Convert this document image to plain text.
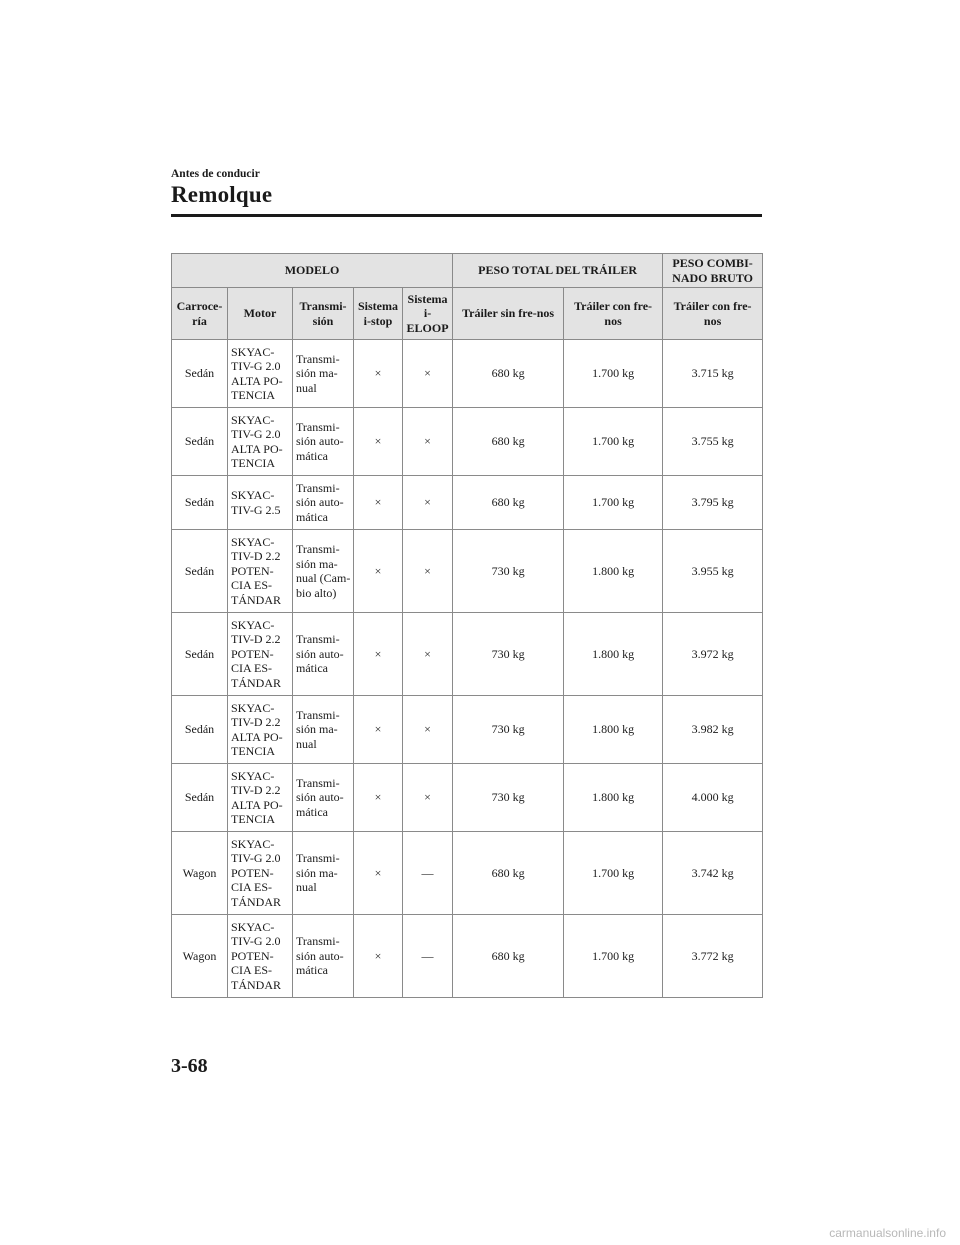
Antes de conducir
Remolque
MODELO					PESO TOTAL DEL TRÁILER		PESO COMBI-NADO BRUTO
Carroce-ría	Motor	Transmi-sión	Sistema i-stop	Sistema i-ELOOP	Tráiler sin fre-nos	Tráiler con fre-nos	Tráiler con fre-nos
Sedán	SKYAC-TIV-G 2.0 ALTA PO-TENCIA	Transmi-sión ma-nual	×	×	680 kg	1.700 kg	3.715 kg
Sedán	SKYAC-TIV-G 2.0 ALTA PO-TENCIA	Transmi-sión auto-mática	×	×	680 kg	1.700 kg	3.755 kg
Sedán	SKYAC-TIV-G 2.5	Transmi-sión auto-mática	×	×	680 kg	1.700 kg	3.795 kg
Sedán	SKYAC-TIV-D 2.2 POTEN-CIA ES-TÁNDAR	Transmi-sión ma-nual (Cam-bio alto)	×	×	730 kg	1.800 kg	3.955 kg
Sedán	SKYAC-TIV-D 2.2 POTEN-CIA ES-TÁNDAR	Transmi-sión auto-mática	×	×	730 kg	1.800 kg	3.972 kg
Sedán	SKYAC-TIV-D 2.2 ALTA PO-TENCIA	Transmi-sión ma-nual	×	×	730 kg	1.800 kg	3.982 kg
Sedán	SKYAC-TIV-D 2.2 ALTA PO-TENCIA	Transmi-sión auto-mática	×	×	730 kg	1.800 kg	4.000 kg
Wagon	SKYAC-TIV-G 2.0 POTEN-CIA ES-TÁNDAR	Transmi-sión ma-nual	×	—	680 kg	1.700 kg	3.742 kg
Wagon	SKYAC-TIV-G 2.0 POTEN-CIA ES-TÁNDAR	Transmi-sión auto-mática	×	—	680 kg	1.700 kg	3.772 kg
3-68
carmanualsonline.info
